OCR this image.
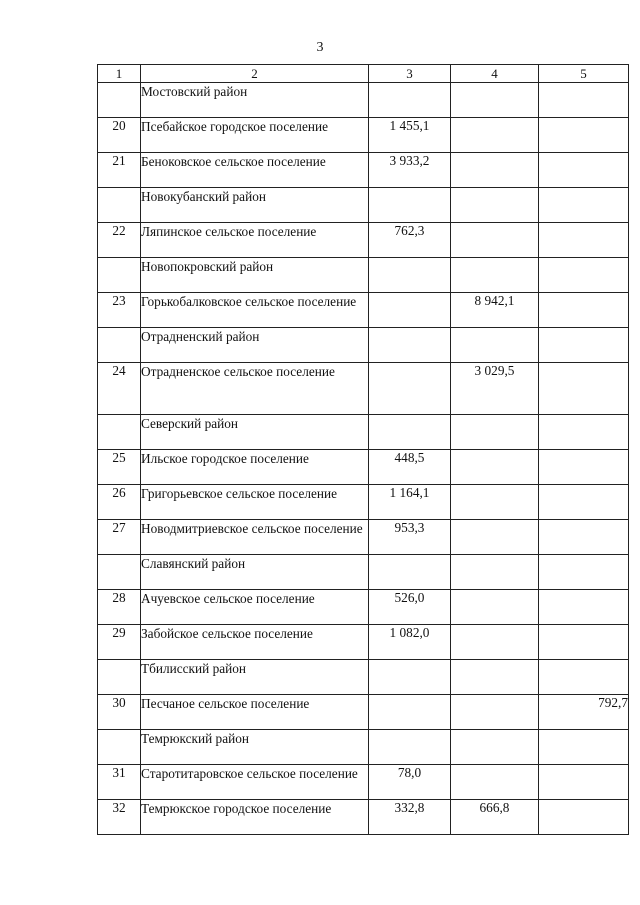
3
1	2	3	4	5
	Мостовский район			
20	Псебайское городское поселение	1 455,1		
21	Беноковское сельское поселение	3 933,2		
	Новокубанский район			
22	Ляпинское сельское поселение	762,3		
	Новопокровский район			
23	Горькобалковское сельское поселение		8 942,1	
	Отрадненский район			
24	Отрадненское сельское поселение		3 029,5	
	Северский район			
25	Ильское городское поселение	448,5		
26	Григорьевское сельское поселение	1 164,1		
27	Новодмитриевское сельское поселение	953,3		
	Славянский район			
28	Ачуевское сельское поселение	526,0		
29	Забойское сельское поселение	1 082,0		
	Тбилисский район			
30	Песчаное сельское поселение			792,7
	Темрюкский район			
31	Старотитаровское сельское поселение	78,0		
32	Темрюкское городское поселение	332,8	666,8	
